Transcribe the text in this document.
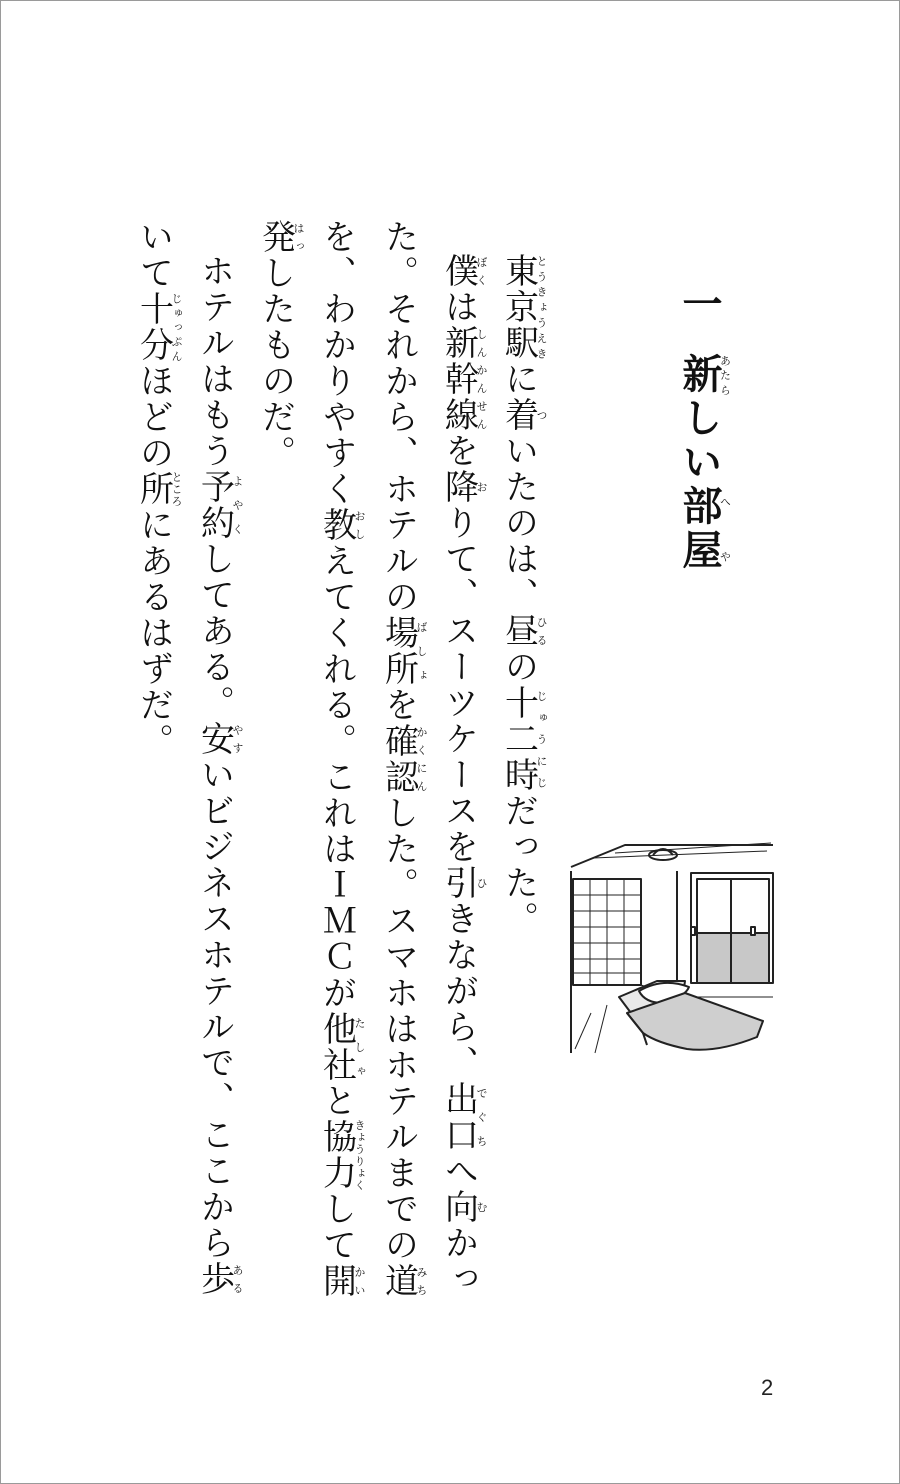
一新あたらしい部屋へや
東京駅とうきょうえきに着ついたのは、昼ひるの十二時じゅうにじだった。
僕ぼくは新幹線しんかんせんを降おりて、スーツケースを引ひきながら、出口でぐちへ向むかっ
た。それから、ホテルの場所ばしょを確認かくにんした。スマホはホテルまでの道みち
を、わかりやすく教おしえてくれる。これはＩＭＣが他社たしゃと協力きょうりょくして開かい
発はっしたものだ。
ホテルはもう予約よやくしてある。安やすいビジネスホテルで、ここから歩ある
いて十分じゅっぷんほどの所ところにあるはずだ。
2
